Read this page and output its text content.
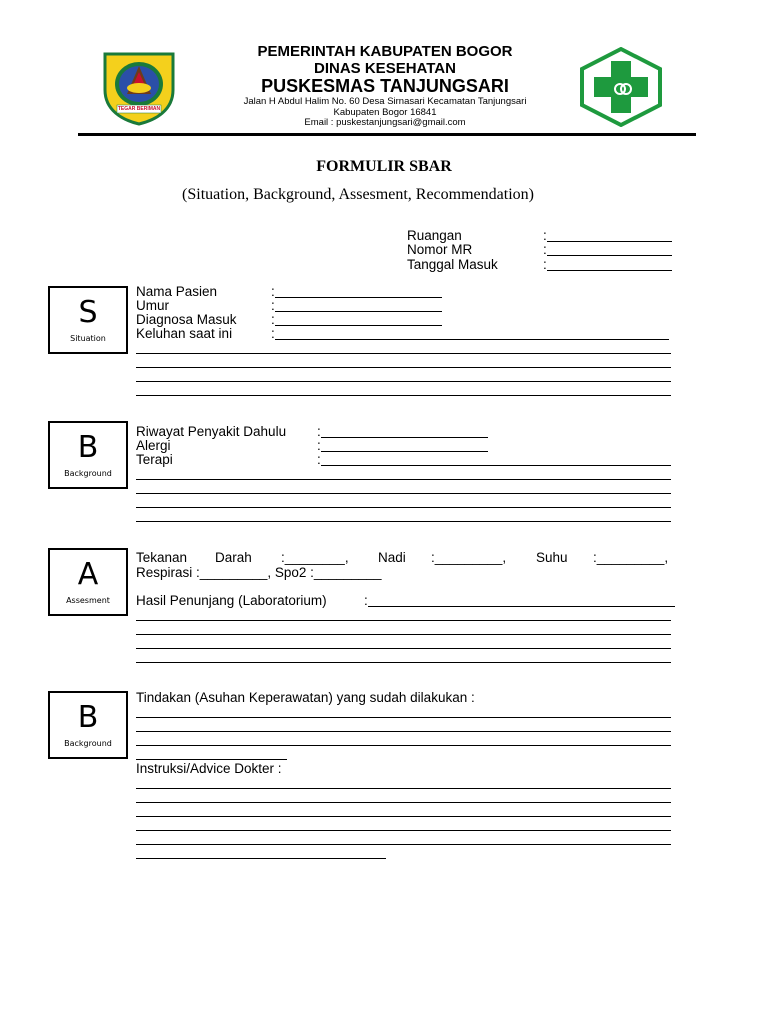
TEGAR BERIMAN
PEMERINTAH KABUPATEN BOGOR
DINAS KESEHATAN
PUSKESMAS TANJUNGSARI
Jalan H Abdul Halim No. 60 Desa Sirnasari Kecamatan Tanjungsari
Kabupaten Bogor 16841
Email : puskestanjungsari@gmail.com
FORMULIR SBAR
(Situation, Background, Assesment, Recommendation)
Ruangan	:
Nomor MR	:
Tanggal Masuk	:
S
Situation
Nama Pasien	:
Umur	:
Diagnosa Masuk	:
Keluhan saat ini	:
B
Background
Riwayat Penyakit Dahulu :
Alergi	:
Terapi	:
A
Assesment
Tekanan Darah :________, Nadi :_________, Suhu :_________,
Respirasi :_________, Spo2 :_________
Hasil Penunjang (Laboratorium)	:
B
Background
Tindakan (Asuhan Keperawatan) yang sudah dilakukan :
Instruksi/Advice Dokter :
